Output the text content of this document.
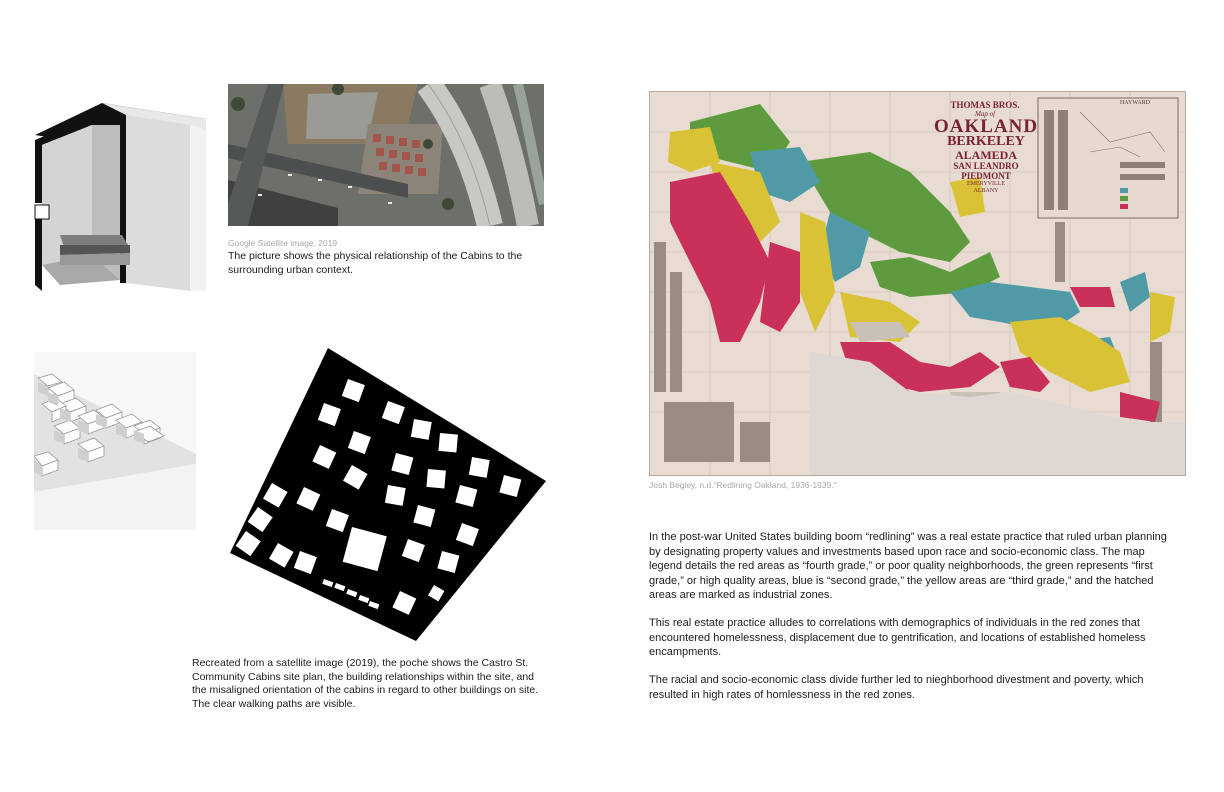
Google Satellite image, 2019
The picture shows the physical relationship of the Cabins to the surrounding urban context.
Recreated from a satellite image (2019), the poche shows the Castro St. Community Cabins site plan, the building relationships within the site, and the misaligned orientation of the cabins in regard to other buildings on site. The clear walking paths are visible.
THOMAS BROS.
Map of
OAKLAND
BERKELEY
ALAMEDA
SAN LEANDRO
PIEDMONT
EMERYVILLE
ALBANY
HAYWARD
Josh Begley, n.d.“Redlining Oakland, 1936-1939.”
In the post-war United States building boom “redlining” was a real estate practice that ruled urban planning by designating property values and investments based upon race and socio-economic class. The map legend details the red areas as “fourth grade,” or poor quality neighborhoods, the green represents “first grade,” or high quality areas, blue is “second grade,” the yellow areas are “third grade,” and the hatched areas are marked as industrial zones.
This real estate practice alludes to correlations with demographics of individuals in the red zones that encountered homelessness, displacement due to gentrification, and locations of established homeless encampments.
The racial and socio-economic class divide further led to nieghborhood divestment and poverty, which resulted in high rates of homlessness in the red zones.
